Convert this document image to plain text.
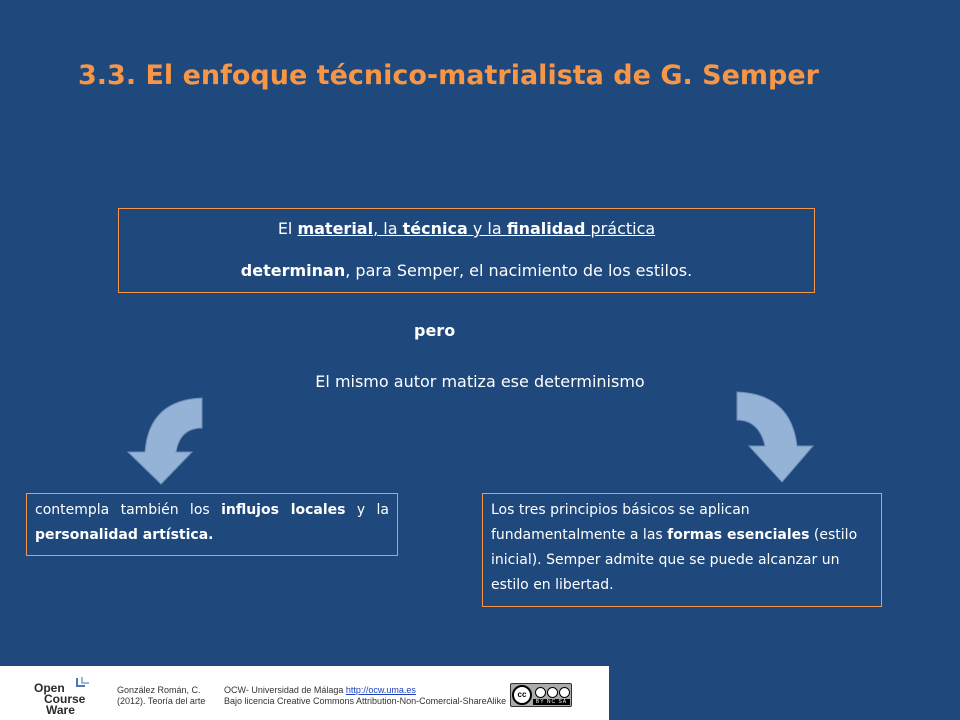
3.3. El enfoque técnico-matrialista de G. Semper
El material, la técnica y la finalidad práctica
determinan, para Semper, el nacimiento de los estilos.
pero
El mismo autor matiza ese determinismo
contempla también los influjos locales y la personalidad artística.
Los tres principios básicos se aplican fundamentalmente a las formas esenciales (estilo inicial). Semper admite que se puede alcanzar un estilo en libertad.
Open
Course
Ware
González Román, C.
(2012). Teoría del arte
OCW- Universidad de Málaga http://ocw.uma.es
Bajo licencia Creative Commons Attribution-Non-Comercial-ShareAlike
cc
BY NC SA
